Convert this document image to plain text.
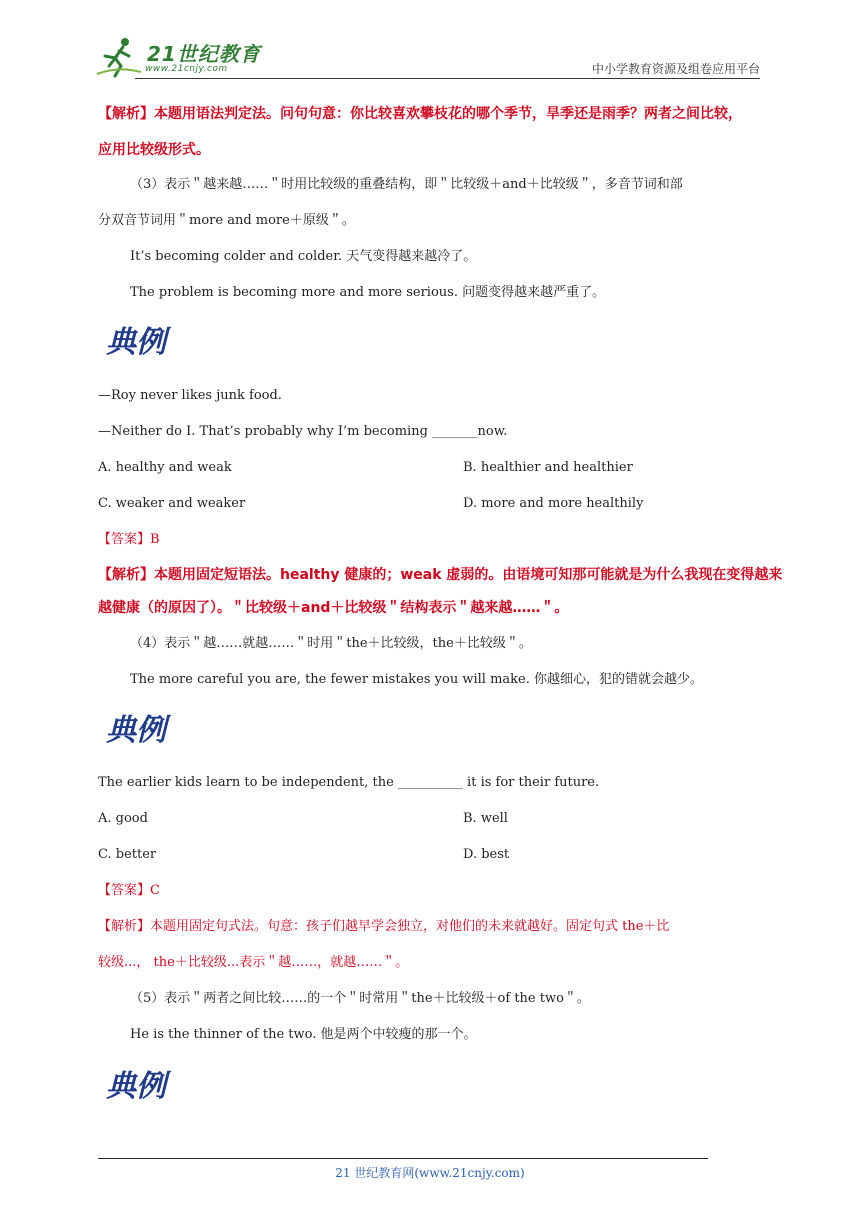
21世纪教育
www.21cnjy.com	中小学教育资源及组卷应用平台
【解析】本题用语法判定法。问句句意：你比较喜欢攀枝花的哪个季节，旱季还是雨季？两者之间比较，
应用比较级形式。
（3）表示＂越来越……＂时用比较级的重叠结构，即＂比较级＋and＋比较级＂，多音节词和部
分双音节词用＂more and more＋原级＂。
It’s becoming colder and colder. 天气变得越来越冷了。
The problem is becoming more and more serious. 问题变得越来越严重了。
典例
—Roy never likes junk food.
—Neither do I. That’s probably why I’m becoming _______now.
A. healthy and weak	B. healthier and healthier
C. weaker and weaker	D. more and more healthily
【答案】B
【解析】本题用固定短语法。healthy 健康的；weak 虚弱的。由语境可知那可能就是为什么我现在变得越来
越健康（的原因了）。＂比较级＋and＋比较级＂结构表示＂越来越……＂。
（4）表示＂越……就越……＂时用＂the＋比较级，the＋比较级＂。
The more careful you are, the fewer mistakes you will make. 你越细心，犯的错就会越少。
典例
The earlier kids learn to be independent, the __________ it is for their future.
A. good	B. well
C. better	D. best
【答案】C
【解析】本题用固定句式法。句意：孩子们越早学会独立，对他们的未来就越好。固定句式 the＋比
较级...， the＋比较级...表示＂越……，就越……＂。
（5）表示＂两者之间比较……的一个＂时常用＂the＋比较级＋of the two＂。
He is the thinner of the two. 他是两个中较瘦的那一个。
典例
21 世纪教育网(www.21cnjy.com)
